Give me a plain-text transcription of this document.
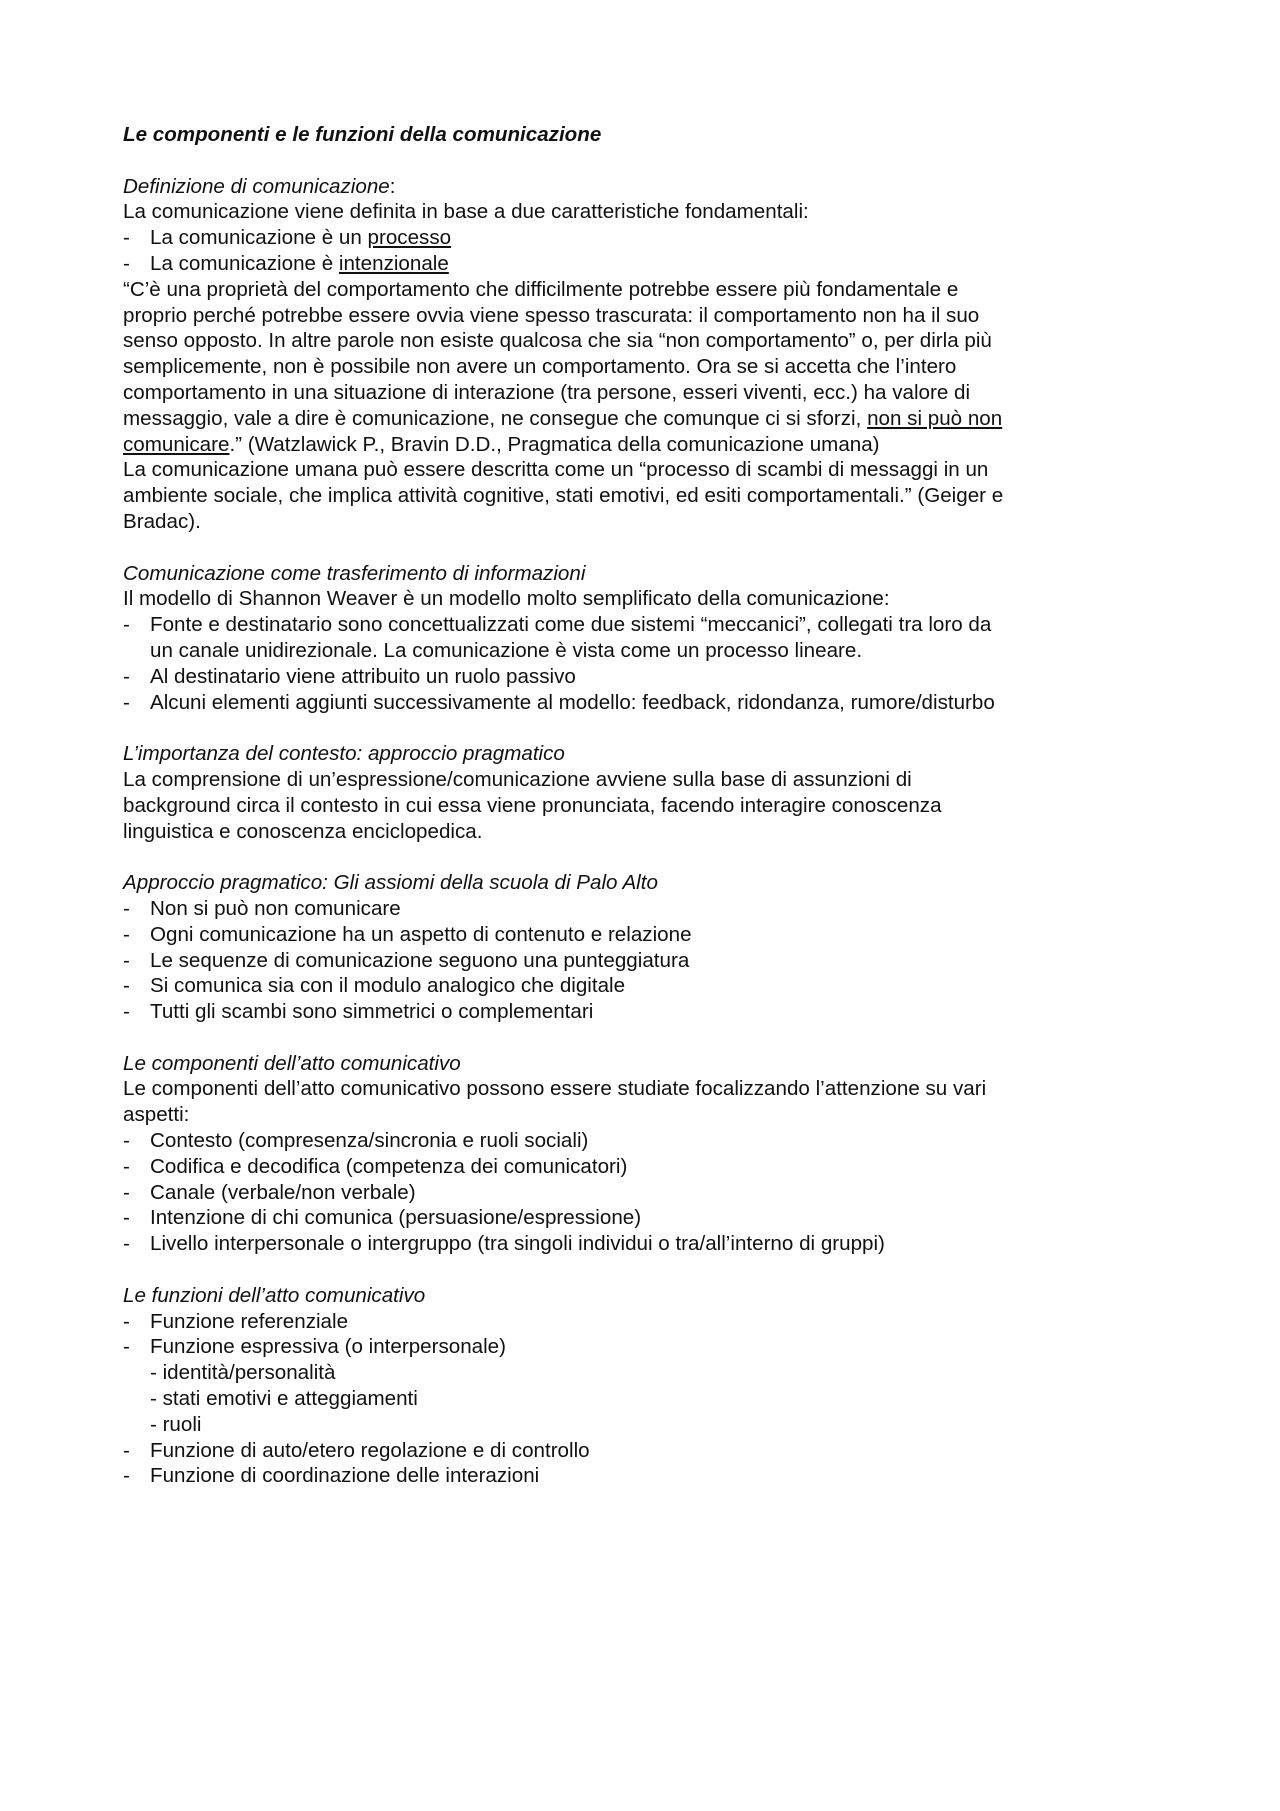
Le componenti e le funzioni della comunicazione
Definizione di comunicazione:
La comunicazione viene definita in base a due caratteristiche fondamentali:
- La comunicazione è un processo
- La comunicazione è intenzionale
“C’è una proprietà del comportamento che difficilmente potrebbe essere più fondamentale e
proprio perché potrebbe essere ovvia viene spesso trascurata: il comportamento non ha il suo
senso opposto. In altre parole non esiste qualcosa che sia “non comportamento” o, per dirla più
semplicemente, non è possibile non avere un comportamento. Ora se si accetta che l’intero
comportamento in una situazione di interazione (tra persone, esseri viventi, ecc.) ha valore di
messaggio, vale a dire è comunicazione, ne consegue che comunque ci si sforzi, non si può non
comunicare.” (Watzlawick P., Bravin D.D., Pragmatica della comunicazione umana)
La comunicazione umana può essere descritta come un “processo di scambi di messaggi in un
ambiente sociale, che implica attività cognitive, stati emotivi, ed esiti comportamentali.” (Geiger e
Bradac).
Comunicazione come trasferimento di informazioni
Il modello di Shannon Weaver è un modello molto semplificato della comunicazione:
- Fonte e destinatario sono concettualizzati come due sistemi “meccanici”, collegati tra loro da
un canale unidirezionale. La comunicazione è vista come un processo lineare.
- Al destinatario viene attribuito un ruolo passivo
- Alcuni elementi aggiunti successivamente al modello: feedback, ridondanza, rumore/disturbo
L’importanza del contesto: approccio pragmatico
La comprensione di un’espressione/comunicazione avviene sulla base di assunzioni di
background circa il contesto in cui essa viene pronunciata, facendo interagire conoscenza
linguistica e conoscenza enciclopedica.
Approccio pragmatico: Gli assiomi della scuola di Palo Alto
- Non si può non comunicare
- Ogni comunicazione ha un aspetto di contenuto e relazione
- Le sequenze di comunicazione seguono una punteggiatura
- Si comunica sia con il modulo analogico che digitale
- Tutti gli scambi sono simmetrici o complementari
Le componenti dell’atto comunicativo
Le componenti dell’atto comunicativo possono essere studiate focalizzando l’attenzione su vari
aspetti:
- Contesto (compresenza/sincronia e ruoli sociali)
- Codifica e decodifica (competenza dei comunicatori)
- Canale (verbale/non verbale)
- Intenzione di chi comunica (persuasione/espressione)
- Livello interpersonale o intergruppo (tra singoli individui o tra/all’interno di gruppi)
Le funzioni dell’atto comunicativo
- Funzione referenziale
- Funzione espressiva (o interpersonale)
- identità/personalità
- stati emotivi e atteggiamenti
- ruoli
- Funzione di auto/etero regolazione e di controllo
- Funzione di coordinazione delle interazioni
